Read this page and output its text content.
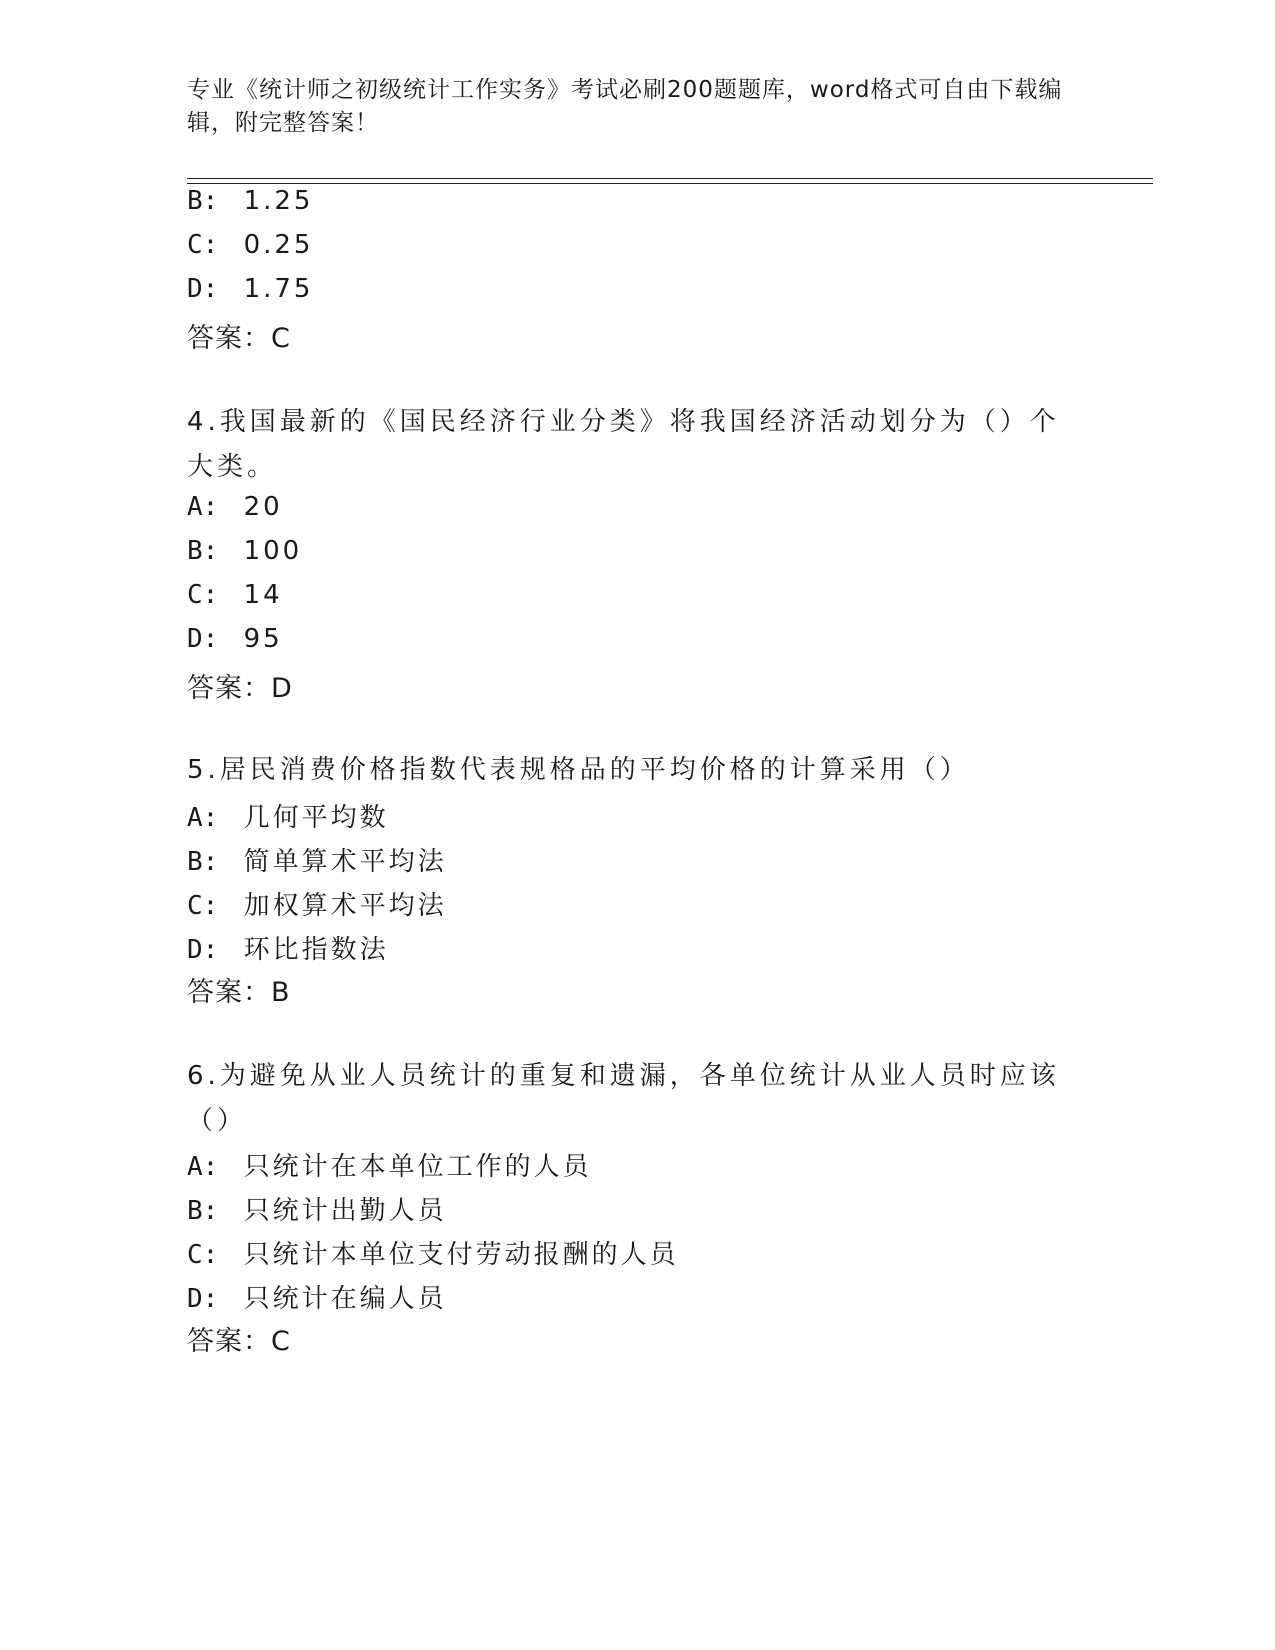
专业《统计师之初级统计工作实务》考试必刷200题题库，word格式可自由下载编辑，附完整答案！
B: 1.25
C: 0.25
D: 1.75
答案：C
4.我国最新的《国民经济行业分类》将我国经济活动划分为（）个大类。
A: 20
B: 100
C: 14
D: 95
答案：D
5.居民消费价格指数代表规格品的平均价格的计算采用（）
A: 几何平均数
B: 简单算术平均法
C: 加权算术平均法
D: 环比指数法
答案：B
6.为避免从业人员统计的重复和遗漏，各单位统计从业人员时应该（）
A: 只统计在本单位工作的人员
B: 只统计出勤人员
C: 只统计本单位支付劳动报酬的人员
D: 只统计在编人员
答案：C
